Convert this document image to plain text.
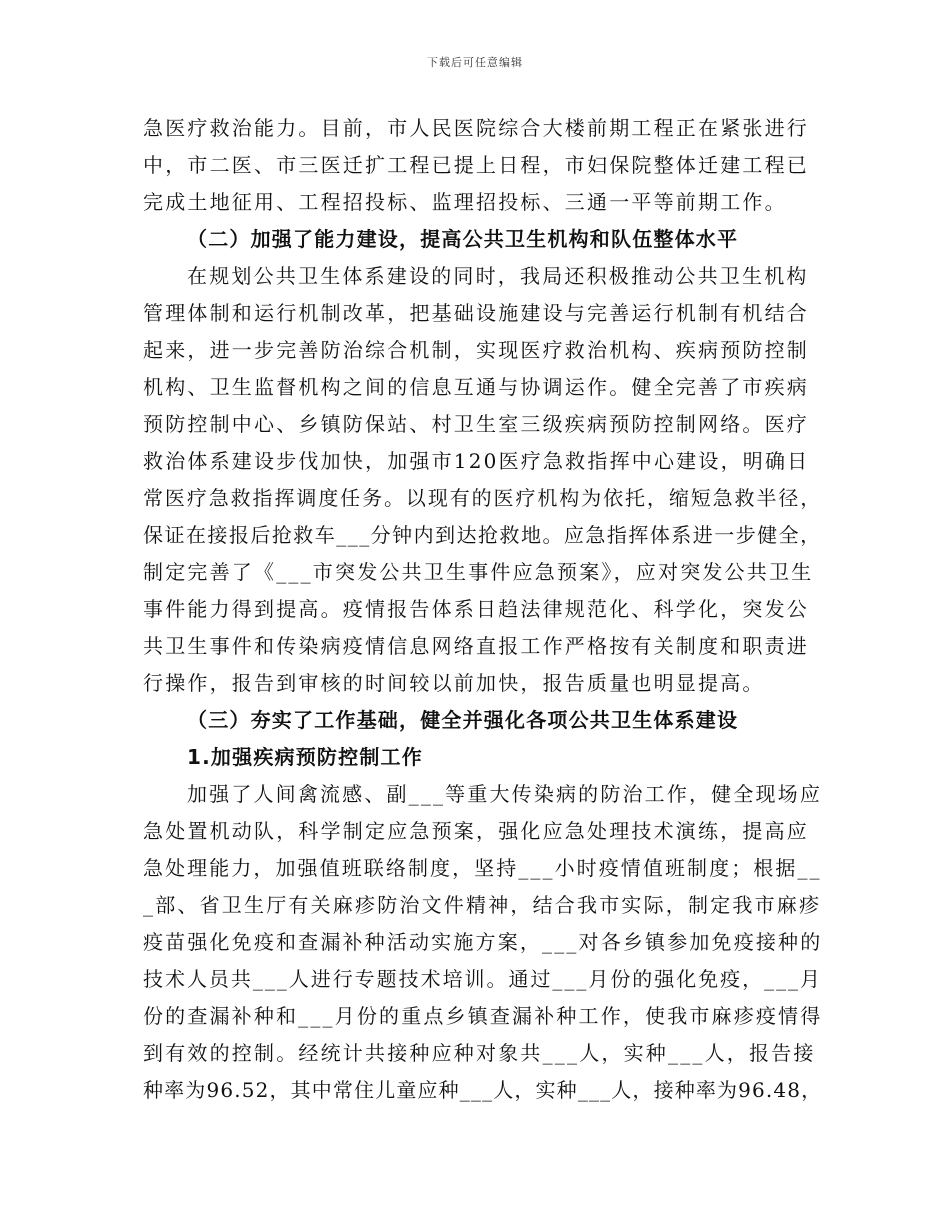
下载后可任意编辑
急医疗救治能力。目前，市人民医院综合大楼前期工程正在紧张进行
中，市二医、市三医迁扩工程已提上日程，市妇保院整体迁建工程已
完成土地征用、工程招投标、监理招投标、三通一平等前期工作。
（二）加强了能力建设，提高公共卫生机构和队伍整体水平
在规划公共卫生体系建设的同时，我局还积极推动公共卫生机构
管理体制和运行机制改革，把基础设施建设与完善运行机制有机结合
起来，进一步完善防治综合机制，实现医疗救治机构、疾病预防控制
机构、卫生监督机构之间的信息互通与协调运作。健全完善了市疾病
预防控制中心、乡镇防保站、村卫生室三级疾病预防控制网络。医疗
救治体系建设步伐加快，加强市120医疗急救指挥中心建设，明确日
常医疗急救指挥调度任务。以现有的医疗机构为依托，缩短急救半径，
保证在接报后抢救车___分钟内到达抢救地。应急指挥体系进一步健全，
制定完善了《___市突发公共卫生事件应急预案》，应对突发公共卫生
事件能力得到提高。疫情报告体系日趋法律规范化、科学化，突发公
共卫生事件和传染病疫情信息网络直报工作严格按有关制度和职责进
行操作，报告到审核的时间较以前加快，报告质量也明显提高。
（三）夯实了工作基础，健全并强化各项公共卫生体系建设
1.加强疾病预防控制工作
加强了人间禽流感、副___等重大传染病的防治工作，健全现场应
急处置机动队，科学制定应急预案，强化应急处理技术演练，提高应
急处理能力，加强值班联络制度，坚持___小时疫情值班制度；根据__
_部、省卫生厅有关麻疹防治文件精神，结合我市实际，制定我市麻疹
疫苗强化免疫和查漏补种活动实施方案，___对各乡镇参加免疫接种的
技术人员共___人进行专题技术培训。通过___月份的强化免疫，___月
份的查漏补种和___月份的重点乡镇查漏补种工作，使我市麻疹疫情得
到有效的控制。经统计共接种应种对象共___人，实种___人，报告接
种率为96.52，其中常住儿童应种___人，实种___人，接种率为96.48，
